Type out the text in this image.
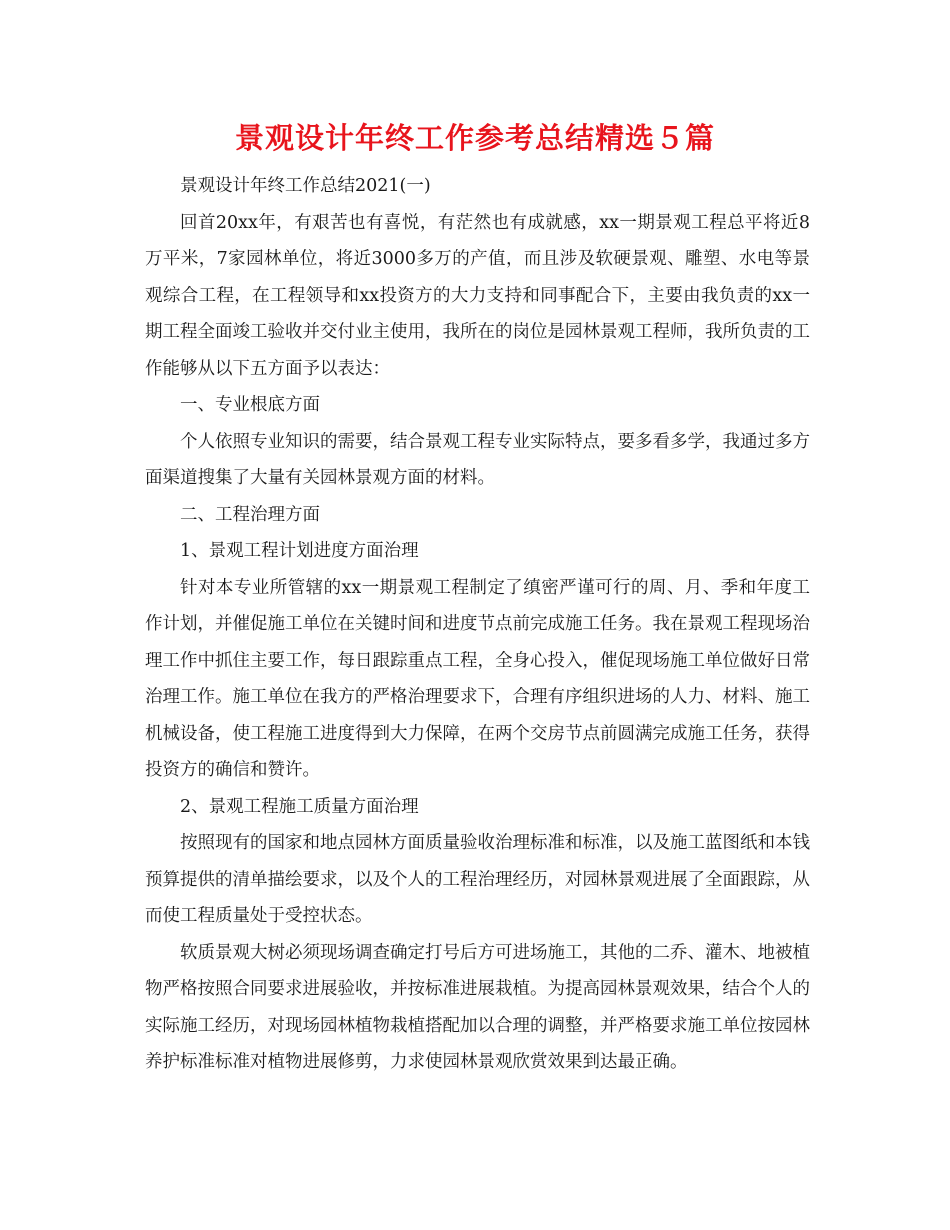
景观设计年终工作参考总结精选５篇

景观设计年终工作总结2021(一)

回首20xx年，有艰苦也有喜悦，有茫然也有成就感，xx一期景观工程总平将近8万平米，7家园林单位，将近3000多万的产值，而且涉及软硬景观、雕塑、水电等景观综合工程，在工程领导和xx投资方的大力支持和同事配合下，主要由我负责的xx一期工程全面竣工验收并交付业主使用，我所在的岗位是园林景观工程师，我所负责的工作能够从以下五方面予以表达：

一、专业根底方面

个人依照专业知识的需要，结合景观工程专业实际特点，要多看多学，我通过多方面渠道搜集了大量有关园林景观方面的材料。

二、工程治理方面

1、景观工程计划进度方面治理

针对本专业所管辖的xx一期景观工程制定了缜密严谨可行的周、月、季和年度工作计划，并催促施工单位在关键时间和进度节点前完成施工任务。我在景观工程现场治理工作中抓住主要工作，每日跟踪重点工程，全身心投入，催促现场施工单位做好日常治理工作。施工单位在我方的严格治理要求下，合理有序组织进场的人力、材料、施工机械设备，使工程施工进度得到大力保障，在两个交房节点前圆满完成施工任务，获得投资方的确信和赞许。

2、景观工程施工质量方面治理

按照现有的国家和地点园林方面质量验收治理标准和标准，以及施工蓝图纸和本钱预算提供的清单描绘要求，以及个人的工程治理经历，对园林景观进展了全面跟踪，从而使工程质量处于受控状态。

软质景观大树必须现场调查确定打号后方可进场施工，其他的二乔、灌木、地被植物严格按照合同要求进展验收，并按标准进展栽植。为提高园林景观效果，结合个人的实际施工经历，对现场园林植物栽植搭配加以合理的调整，并严格要求施工单位按园林养护标准标准对植物进展修剪，力求使园林景观欣赏效果到达最正确。
